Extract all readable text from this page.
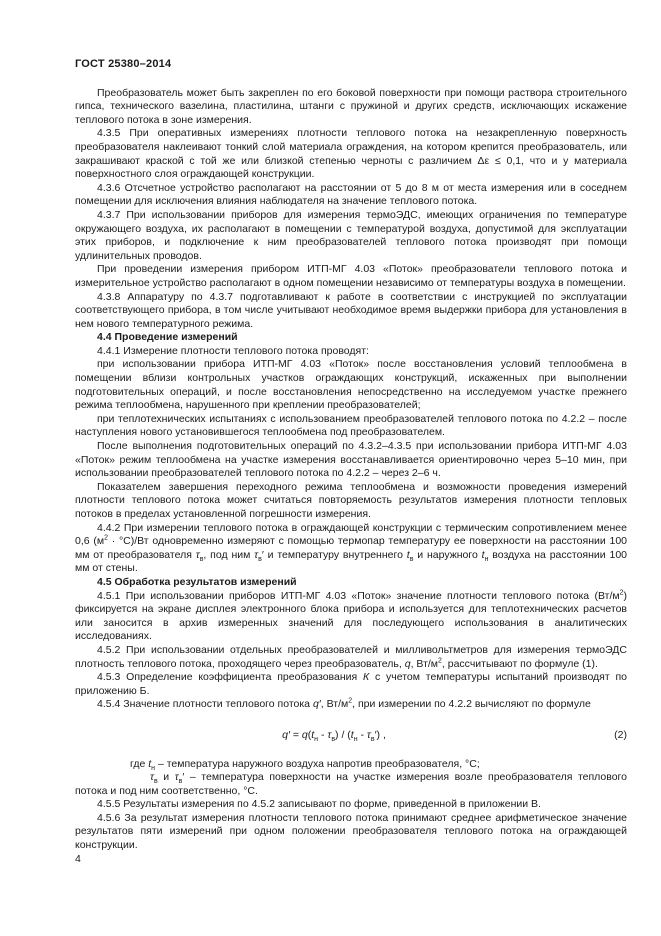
ГОСТ 25380–2014

Преобразователь может быть закреплен по его боковой поверхности при помощи раствора строительного гипса, технического вазелина, пластилина, штанги с пружиной и других средств, исключающих искажение теплового потока в зоне измерения.

4.3.5 При оперативных измерениях плотности теплового потока на незакрепленную поверхность преобразователя наклеивают тонкий слой материала ограждения, на котором крепится преобразователь, или закрашивают краской с той же или близкой степенью черноты с различием Δε ≤ 0,1, что и у материала поверхностного слоя ограждающей конструкции.

4.3.6 Отсчетное устройство располагают на расстоянии от 5 до 8 м от места измерения или в соседнем помещении для исключения влияния наблюдателя на значение теплового потока.

4.3.7 При использовании приборов для измерения термоЭДС, имеющих ограничения по температуре окружающего воздуха, их располагают в помещении с температурой воздуха, допустимой для эксплуатации этих приборов, и подключение к ним преобразователей теплового потока производят при помощи удлинительных проводов.

При проведении измерения прибором ИТП-МГ 4.03 «Поток» преобразователи теплового потока и измерительное устройство располагают в одном помещении независимо от температуры воздуха в помещении.

4.3.8 Аппаратуру по 4.3.7 подготавливают к работе в соответствии с инструкцией по эксплуатации соответствующего прибора, в том числе учитывают необходимое время выдержки прибора для установления в нем нового температурного режима.

4.4 Проведение измерений

4.4.1 Измерение плотности теплового потока проводят:

при использовании прибора ИТП-МГ 4.03 «Поток» после восстановления условий теплообмена в помещении вблизи контрольных участков ограждающих конструкций, искаженных при выполнении подготовительных операций, и после восстановления непосредственно на исследуемом участке прежнего режима теплообмена, нарушенного при креплении преобразователей;

при теплотехнических испытаниях с использованием преобразователей теплового потока по 4.2.2 – после наступления нового установившегося теплообмена под преобразователем.

После выполнения подготовительных операций по 4.3.2–4.3.5 при использовании прибора ИТП-МГ 4.03 «Поток» режим теплообмена на участке измерения восстанавливается ориентировочно через 5–10 мин, при использовании преобразователей теплового потока по 4.2.2 – через 2–6 ч.

Показателем завершения переходного режима теплообмена и возможности проведения измерений плотности теплового потока может считаться повторяемость результатов измерения плотности тепловых потоков в пределах установленной погрешности измерения.

4.4.2 При измерении теплового потока в ограждающей конструкции с термическим сопротивлением менее 0,6 $(м^2 \cdot ^\circ С)/Вт$ одновременно измеряют с помощью термопар температуру ее поверхности на расстоянии 100 мм от преобразователя $\tau_в$, под ним $\tau_в'$ и температуру внутреннего $t_в$ и наружного $t_н$ воздуха на расстоянии 100 мм от стены.

4.5 Обработка результатов измерений

4.5.1 При использовании приборов ИТП-МГ 4.03 «Поток» значение плотности теплового потока $(Вт/м^2)$ фиксируется на экране дисплея электронного блока прибора и используется для теплотехнических расчетов или заносится в архив измеренных значений для последующего использования в аналитических исследованиях.

4.5.2 При использовании отдельных преобразователей и милливольтметров для измерения термоЭДС плотность теплового потока, проходящего через преобразователь, q, $Вт/м^2$, рассчитывают по формуле (1).

4.5.3 Определение коэффициента преобразования К с учетом температуры испытаний производят по приложению Б.

4.5.4 Значение плотности теплового потока q′, $Вт/м^2$, при измерении по 4.2.2 вычисляют по формуле

$q' = q(t_н - \tau_в) / (t_н - \tau_в')$ ,	(2)

где $t_н$ – температура наружного воздуха напротив преобразователя, °С;

$\tau_в$ и $\tau_в'$ – температура поверхности на участке измерения возле преобразователя теплового потока и под ним соответственно, °С.

4.5.5 Результаты измерения по 4.5.2 записывают по форме, приведенной в приложении В.

4.5.6 За результат измерения плотности теплового потока принимают среднее арифметическое значение результатов пяти измерений при одном положении преобразователя теплового потока на ограждающей конструкции.

4
